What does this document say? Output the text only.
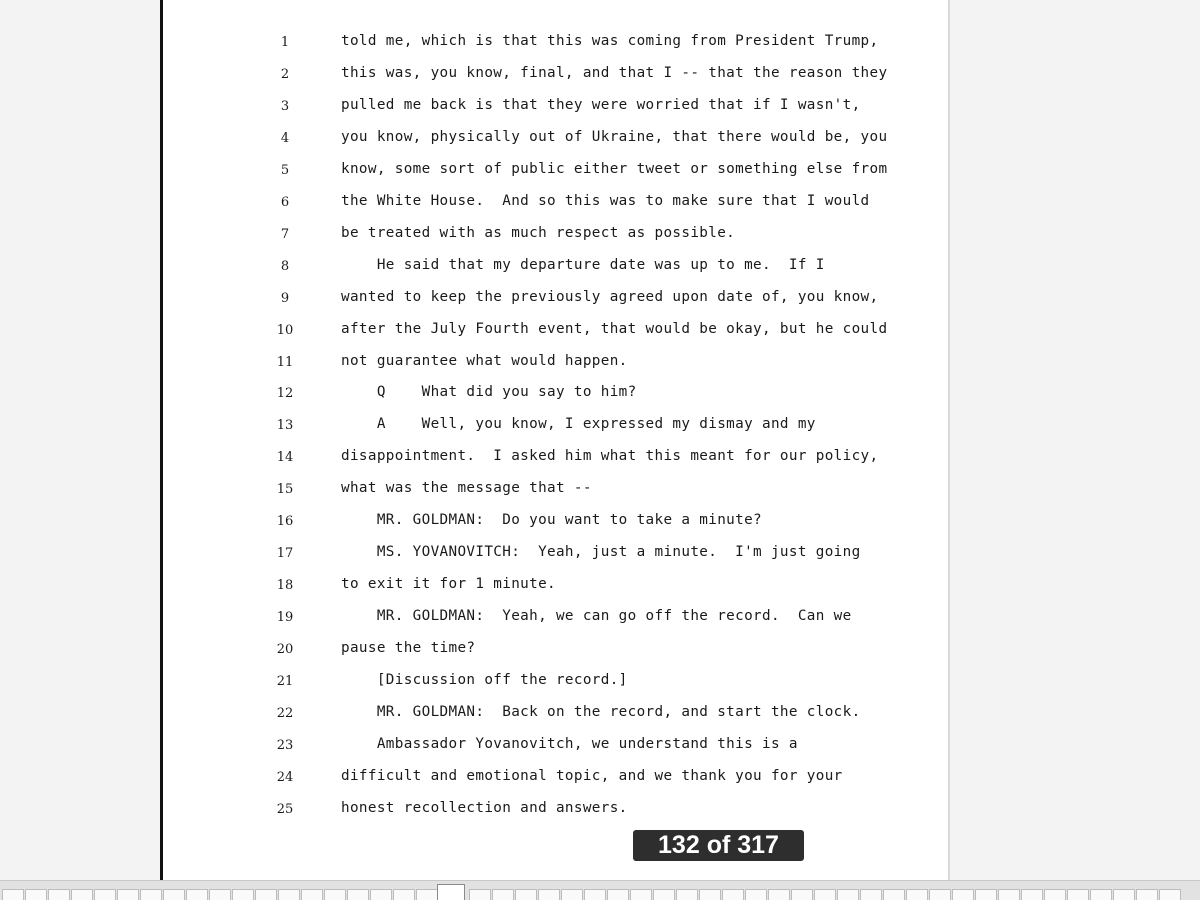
1	told me, which is that this was coming from President Trump,
2	this was, you know, final, and that I -- that the reason they
3	pulled me back is that they were worried that if I wasn't,
4	you know, physically out of Ukraine, that there would be, you
5	know, some sort of public either tweet or something else from
6	the White House.  And so this was to make sure that I would
7	be treated with as much respect as possible.
8	He said that my departure date was up to me.  If I
9	wanted to keep the previously agreed upon date of, you know,
10	after the July Fourth event, that would be okay, but he could
11	not guarantee what would happen.
12	Q    What did you say to him?
13	A    Well, you know, I expressed my dismay and my
14	disappointment.  I asked him what this meant for our policy,
15	what was the message that --
16	MR. GOLDMAN:  Do you want to take a minute?
17	MS. YOVANOVITCH:  Yeah, just a minute.  I'm just going
18	to exit it for 1 minute.
19	MR. GOLDMAN:  Yeah, we can go off the record.  Can we
20	pause the time?
21	[Discussion off the record.]
22	MR. GOLDMAN:  Back on the record, and start the clock.
23	Ambassador Yovanovitch, we understand this is a
24	difficult and emotional topic, and we thank you for your
25	honest recollection and answers.
132 of 317
